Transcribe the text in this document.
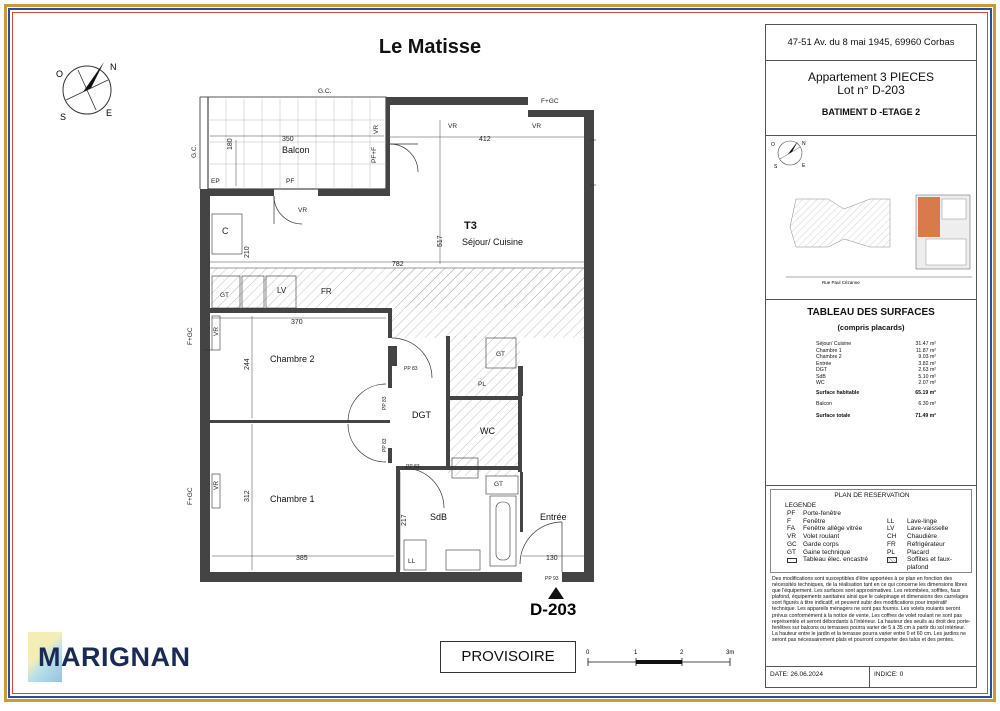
Le Matisse
N
E
S
O
Balcon
T3
Séjour/ Cuisine
Chambre 2
Chambre 1
DGT
WC
SdB	Entrée
350
180	412
517
782
210
370
244
312
385
217
130
G.C.
G.C.
F+GC
F+GC
F+GC
EP	PF
PF+F
VR	VR	VR
VR
VR
VR
C
GT
LV	FR
GT
PL
GT
LL
PP 83
PP 83
PP 83
PP 83
PP 93
D-203
47-51 Av. du 8 mai 1945, 69960 Corbas
Appartement 3 PIECES
Lot n° D-203
BATIMENT D -ETAGE 2
N
E
S
O
Rue Paul Cézanne
TABLEAU DES SURFACES
(compris placards)
Séjour/ Cuisine	31.47 m²
Chambre 1	11.87 m²
Chambre 2	9.03 m²
Entrée	3.82 m²
DGT	2.63 m²
SdB	5.10 m²
WC	2.07 m²
Surface habitable	65.19 m²
Balcon	6.30 m²
Surface totale	71.49 m²
PLAN DE RESERVATION
LEGENDE
PF	Porte-fenêtre
F	Fenêtre	LL	Lave-linge
FA	Fenêtre allège vitrée	LV	Lave-vaisselle
VR	Volet roulant	CH	Chaudière
GC Garde corps	FR	Réfrigérateur
GT	Gaine technique	PL	Placard
Tableau élec. encastré	Soffites et faux-plafond
Des modifications sont susceptibles d'être apportées à ce plan en fonction des nécessités techniques, de la réalisation tant en ce qui concerne les dimensions libres que l'équipement. Les surfaces sont approximatives. Les retombées, soffites, faux plafond, équipements sanitaires ainsi que le calepinage et dimensions des carrelages sont figurés à titre indicatif, et peuvent subir des modifications pour impératif technique. Les appareils ménagers ne sont pas fournis. Les volets roulants seront prévus conformément à la notice de vente. Les coffres de volet roulant ne sont pas représentés et seront débordants à l'intérieur. La hauteur des seuils au droit des porte-fenêtres sur balcons ou terrasses pourra varier de 5 à 35 cm à partir du sol intérieur. La hauteur entre le jardin et la terrasse pourra varier entre 0 et 60 cm. Les jardins ne seront pas nécessairement plats et pourront comporter des talus et des pentes.
DATE: 26.06.2024	INDICE: 0
MARIGNAN	PROVISOIRE	0	1	2	3m
